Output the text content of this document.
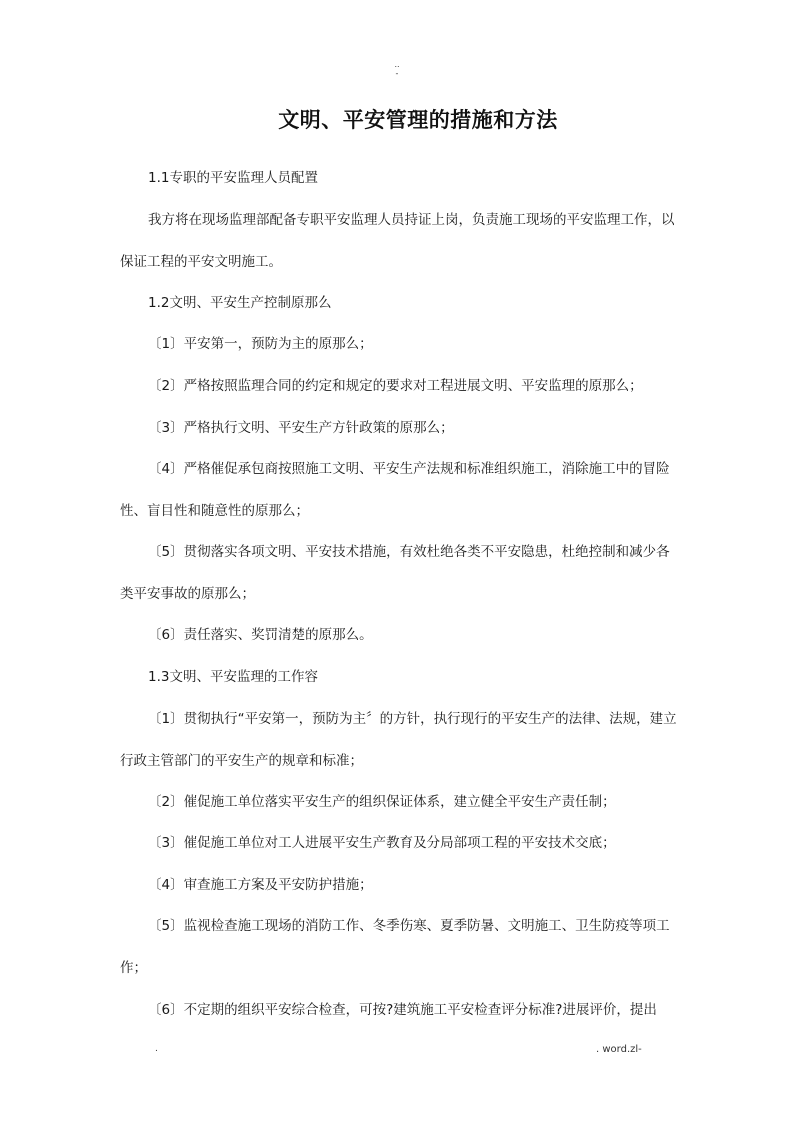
..
-
文明、平安管理的措施和方法

1.1专职的平安监理人员配置

我方将在现场监理部配备专职平安监理人员持证上岗，负责施工现场的平安监理工作，以保证工程的平安文明施工。

1.2文明、平安生产控制原那么

〔1〕平安第一，预防为主的原那么；

〔2〕严格按照监理合同的约定和规定的要求对工程进展文明、平安监理的原那么；

〔3〕严格执行文明、平安生产方针政策的原那么；

〔4〕严格催促承包商按照施工文明、平安生产法规和标准组织施工，消除施工中的冒险性、盲目性和随意性的原那么；

〔5〕贯彻落实各项文明、平安技术措施，有效杜绝各类不平安隐患，杜绝控制和减少各类平安事故的原那么；

〔6〕责任落实、奖罚清楚的原那么。

1.3文明、平安监理的工作容

〔1〕贯彻执行“平安第一，预防为主〞的方针，执行现行的平安生产的法律、法规，建立行政主管部门的平安生产的规章和标准；

〔2〕催促施工单位落实平安生产的组织保证体系，建立健全平安生产责任制；

〔3〕催促施工单位对工人进展平安生产教育及分局部项工程的平安技术交底；

〔4〕审查施工方案及平安防护措施；

〔5〕监视检查施工现场的消防工作、冬季伤寒、夏季防暑、文明施工、卫生防疫等项工作；

〔6〕不定期的组织平安综合检查，可按?建筑施工平安检查评分标准?进展评价，提出

.	. word.zl-
